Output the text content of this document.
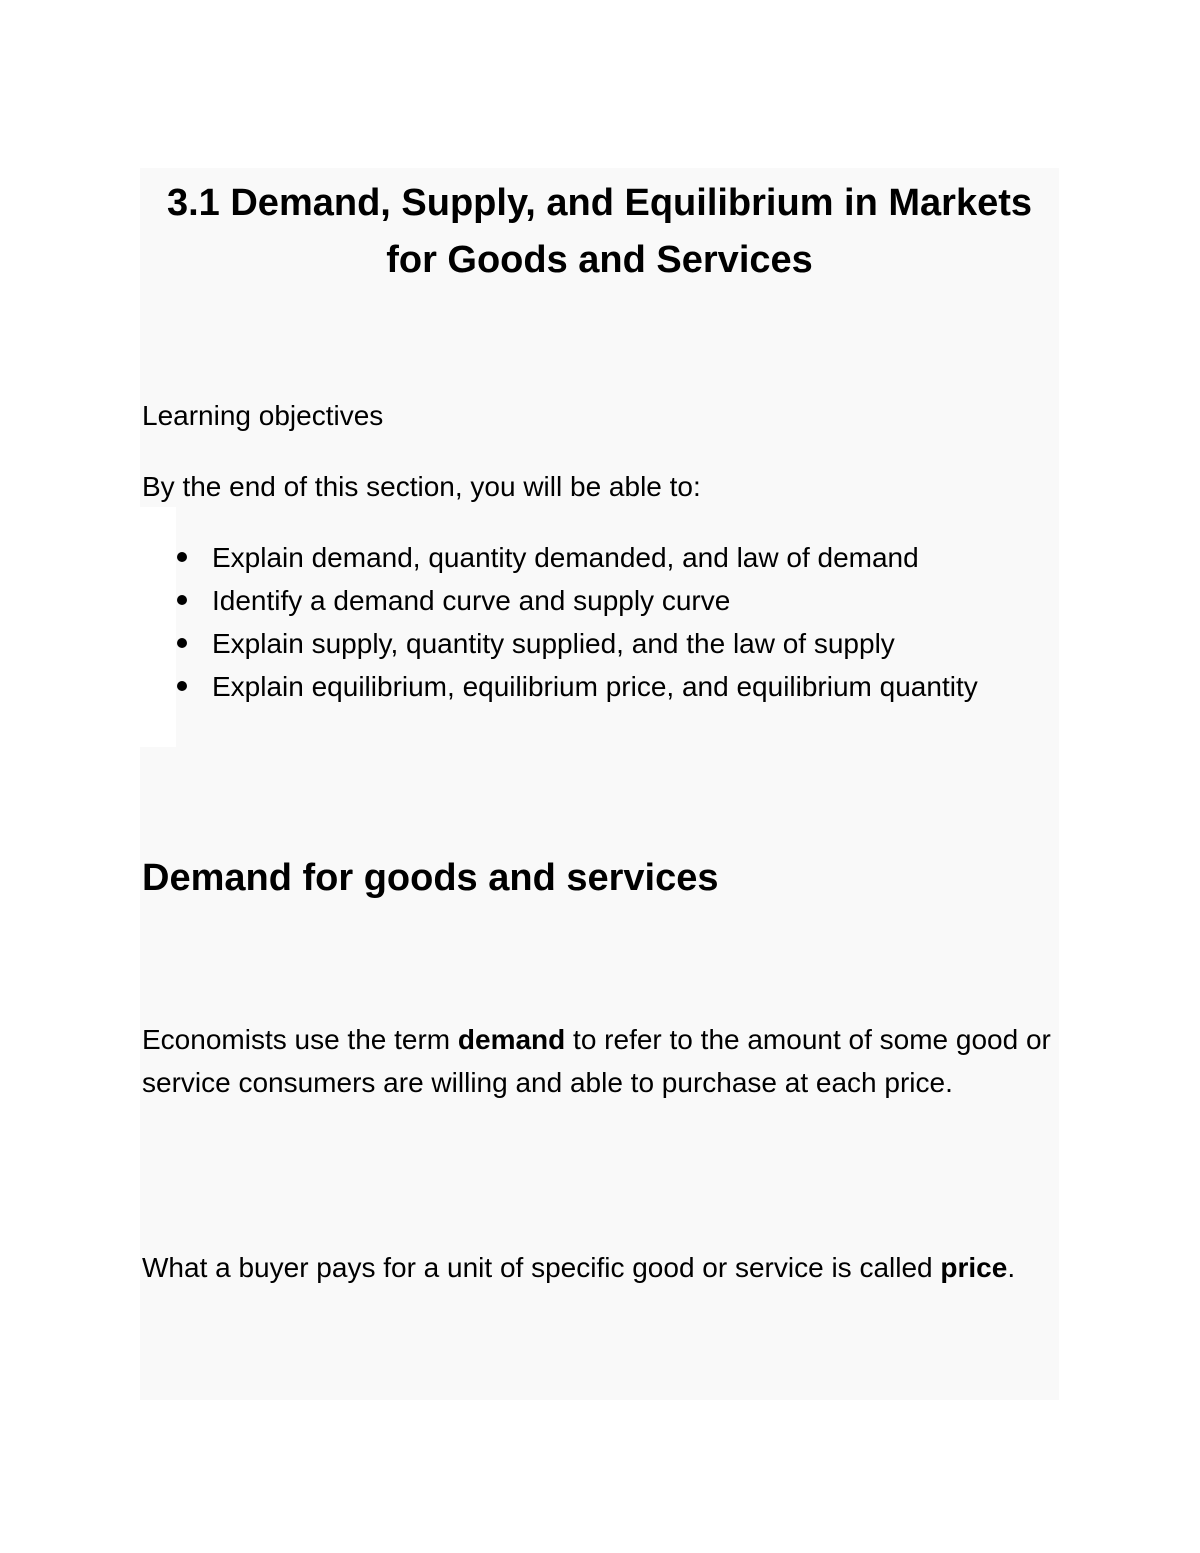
3.1 Demand, Supply, and Equilibrium in Markets for Goods and Services

Learning objectives

By the end of this section, you will be able to:

Explain demand, quantity demanded, and law of demand
Identify a demand curve and supply curve
Explain supply, quantity supplied, and the law of supply
Explain equilibrium, equilibrium price, and equilibrium quantity
Demand for goods and services

Economists use the term demand to refer to the amount of some good or service consumers are willing and able to purchase at each price.

What a buyer pays for a unit of specific good or service is called price.
